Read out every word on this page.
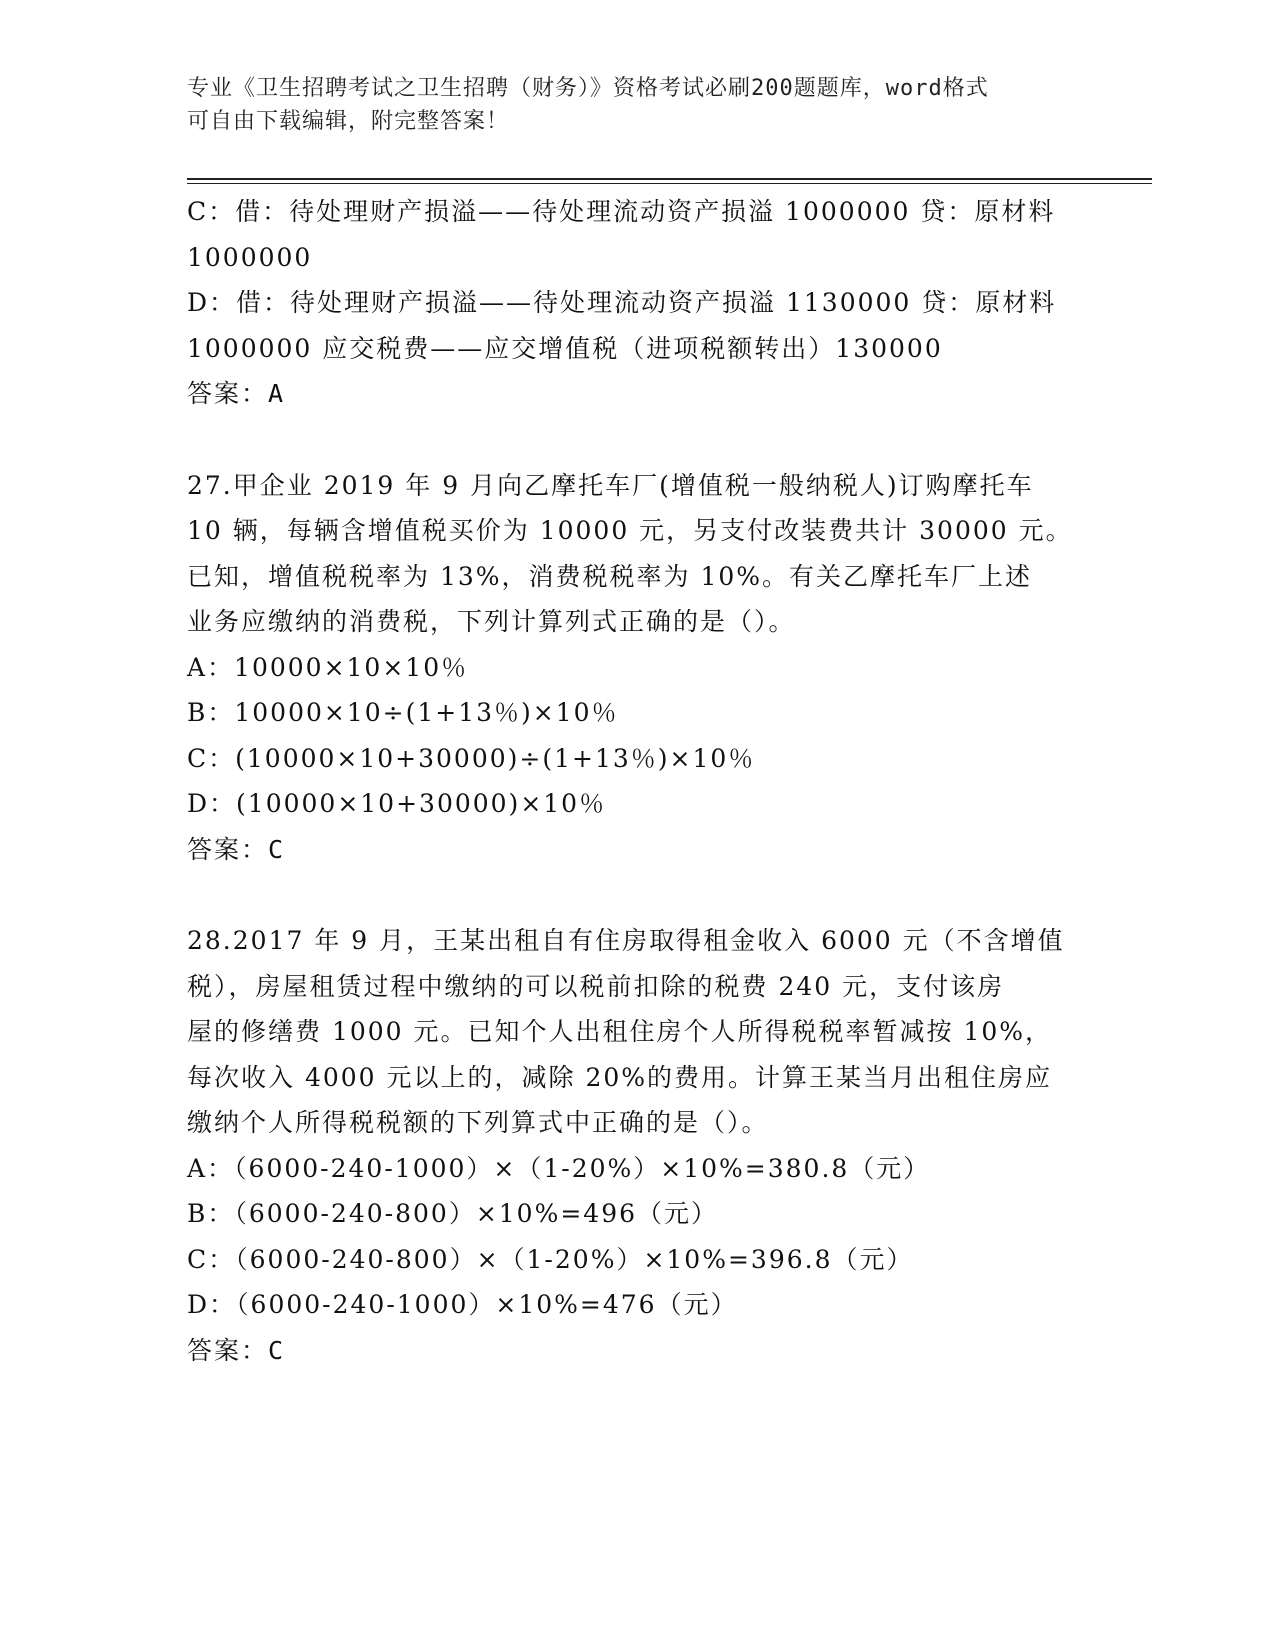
专业《卫生招聘考试之卫生招聘（财务）》资格考试必刷200题题库，word格式
可自由下载编辑，附完整答案！
C：借：待处理财产损溢——待处理流动资产损溢 1000000 贷：原材料
1000000
D：借：待处理财产损溢——待处理流动资产损溢 1130000 贷：原材料
1000000 应交税费——应交增值税（进项税额转出）130000
答案：A
27.甲企业 2019 年 9 月向乙摩托车厂(增值税一般纳税人)订购摩托车
10 辆，每辆含增值税买价为 10000 元，另支付改装费共计 30000 元。
已知，增值税税率为 13%，消费税税率为 10%。有关乙摩托车厂上述
业务应缴纳的消费税，下列计算列式正确的是（）。
A：10000×10×10％
B：10000×10÷(1+13％)×10％
C：(10000×10+30000)÷(1+13％)×10％
D：(10000×10+30000)×10％
答案：C
28.2017 年 9 月，王某出租自有住房取得租金收入 6000 元（不含增值
税），房屋租赁过程中缴纳的可以税前扣除的税费 240 元，支付该房
屋的修缮费 1000 元。已知个人出租住房个人所得税税率暂减按 10%，
每次收入 4000 元以上的，减除 20%的费用。计算王某当月出租住房应
缴纳个人所得税税额的下列算式中正确的是（）。
A：（6000-240-1000）×（1-20%）×10%=380.8（元）
B：（6000-240-800）×10%=496（元）
C：（6000-240-800）×（1-20%）×10%=396.8（元）
D：（6000-240-1000）×10%=476（元）
答案：C
